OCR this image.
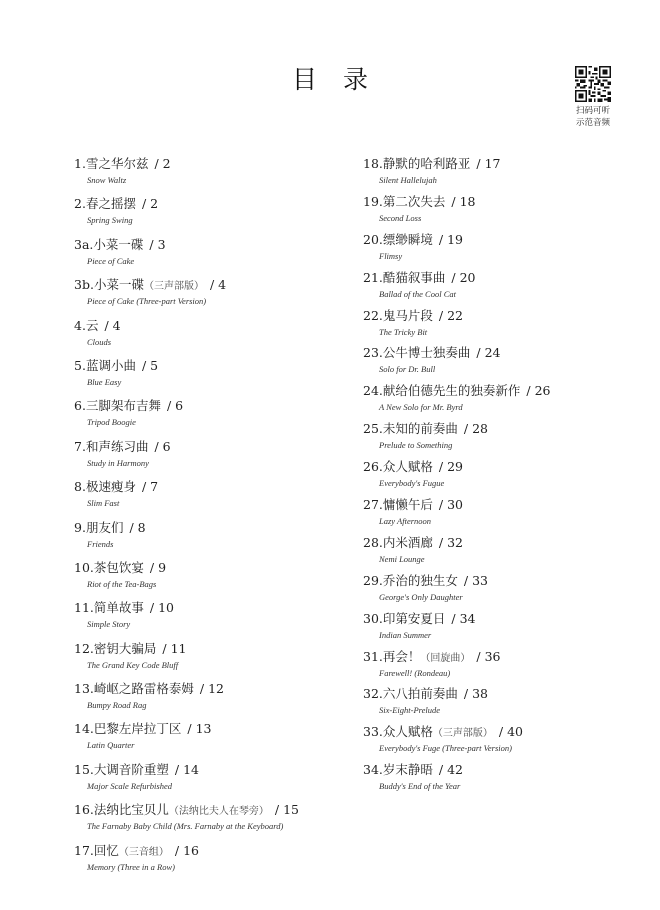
目录
扫码可听
示范音频
1.雪之华尔兹 / 2
Snow Waltz
2.春之摇摆 / 2
Spring Swing
3a.小菜一碟 / 3
Piece of Cake
3b.小菜一碟（三声部版） / 4
Piece of Cake (Three-part Version)
4.云 / 4
Clouds
5.蓝调小曲 / 5
Blue Easy
6.三脚架布吉舞 / 6
Tripod Boogie
7.和声练习曲 / 6
Study in Harmony
8.极速瘦身 / 7
Slim Fast
9.朋友们 / 8
Friends
10.茶包饮宴 / 9
Riot of the Tea-Bags
11.简单故事 / 10
Simple Story
12.密钥大骗局 / 11
The Grand Key Code Bluff
13.崎岖之路雷格泰姆 / 12
Bumpy Road Rag
14.巴黎左岸拉丁区 / 13
Latin Quarter
15.大调音阶重塑 / 14
Major Scale Refurbished
16.法纳比宝贝儿（法纳比夫人在琴旁） / 15
The Farnaby Baby Child (Mrs. Farnaby at the Keyboard)
17.回忆（三音组） / 16
Memory (Three in a Row)
18.静默的哈利路亚 / 17
Silent Hallelujah
19.第二次失去 / 18
Second Loss
20.缥缈瞬境 / 19
Flimsy
21.酷猫叙事曲 / 20
Ballad of the Cool Cat
22.鬼马片段 / 22
The Tricky Bit
23.公牛博士独奏曲 / 24
Solo for Dr. Bull
24.献给伯德先生的独奏新作 / 26
A New Solo for Mr. Byrd
25.未知的前奏曲 / 28
Prelude to Something
26.众人赋格 / 29
Everybody's Fugue
27.慵懒午后 / 30
Lazy Afternoon
28.内米酒廊 / 32
Nemi Lounge
29.乔治的独生女 / 33
George's Only Daughter
30.印第安夏日 / 34
Indian Summer
31.再会！（回旋曲） / 36
Farewell! (Rondeau)
32.六八拍前奏曲 / 38
Six-Eight-Prelude
33.众人赋格（三声部版） / 40
Everybody's Fuge (Three-part Version)
34.岁末静晤 / 42
Buddy's End of the Year
